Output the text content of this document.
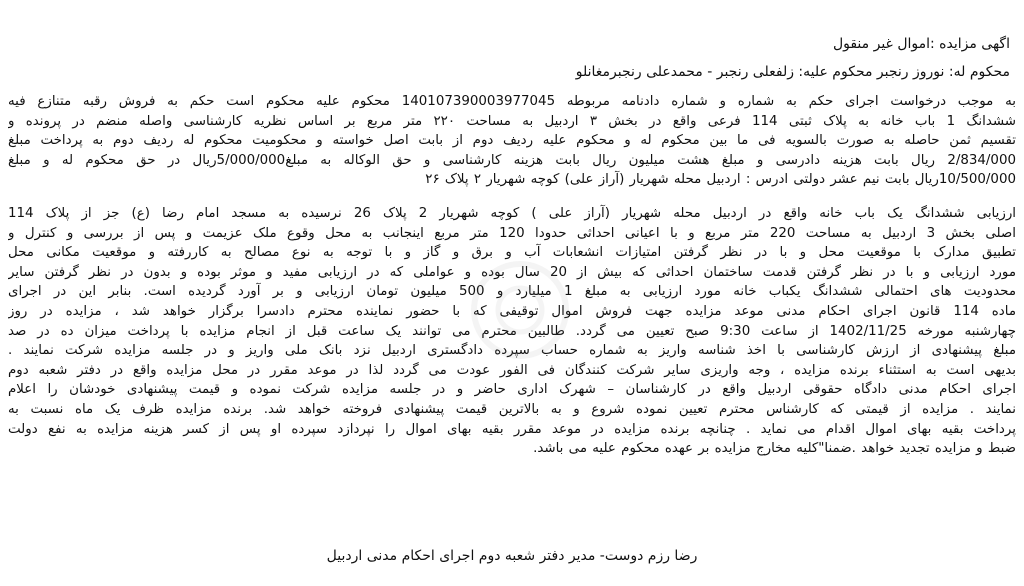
اگهی مزایده :اموال غیر منقول
محکوم له: نوروز رنجبر محکوم علیه: زلفعلی رنجبر - محمدعلی رنجبرمغانلو
به موجب درخواست اجرای حکم به شماره و شماره دادنامه مربوطه 140107390003977045 محکوم علیه محکوم است حکم به فروش رقبه متنازع فیه
ششدانگ 1 باب خانه به پلاک ثبتی 114 فرعی واقع در بخش ۳ اردبیل به مساحت ۲۲۰ متر مربع بر اساس نظریه کارشناسی واصله منضم در پرونده و
تقسیم ثمن حاصله به صورت بالسویه فی ما بین محکوم له و محکوم علیه ردیف دوم از بابت اصل خواسته و محکومیت محکوم له ردیف دوم به پرداخت مبلغ
2/834/000 ریال بابت هزینه دادرسی و مبلغ هشت میلیون ریال بابت هزینه کارشناسی و حق الوکاله به مبلغ5/000/000ریال در حق محکوم له و مبلغ
10/500/000ریال بابت نیم عشر دولتی ادرس : اردبیل محله شهریار (آراز علی) کوچه شهریار ۲ پلاک ۲۶
ارزیابی ششدانگ یک باب خانه واقع در اردبیل محله شهریار (آراز علی ) کوچه شهریار 2 پلاک 26 نرسیده به مسجد امام رضا (ع) جز از پلاک 114
اصلی بخش 3 اردبیل به مساحت 220 متر مربع و با اعیانی احداثی حدودا 120 متر مربع اینجانب به محل وقوع ملک عزیمت و پس از بررسی و کنترل و
تطبیق مدارک با موقعیت محل و با در نظر گرفتن امتیازات انشعابات آب و برق و گاز و با توجه به نوع مصالح به کاررفته و موقعیت مکانی محل
مورد ارزیابی و با در نظر گرفتن قدمت ساختمان احداثی که بیش از 20 سال بوده و عواملی که در ارزیابی مفید و موثر بوده و بدون در نظر گرفتن سایر
محدودیت های احتمالی ششدانگ یکباب خانه مورد ارزیابی به مبلغ 1 میلیارد و 500 میلیون تومان ارزیابی و بر آورد گردیده است. بنابر این در اجرای
ماده 114 قانون اجرای احکام مدنی موعد مزایده جهت فروش اموال توقیفی که با حضور نماینده محترم دادسرا برگزار خواهد شد ، مزایده در روز
چهارشنبه مورخه 1402/11/25 از ساعت 9:30 صبح تعیین می گردد. طالبین محترم می توانند یک ساعت قبل از انجام مزایده با پرداخت میزان ده در صد
مبلغ پیشنهادی از ارزش کارشناسی با اخذ شناسه واریز به شماره حساب سپرده دادگستری اردبیل نزد بانک ملی واریز و در جلسه مزایده شرکت نمایند .
بدیهی است به استثناء برنده مزایده ، وجه واریزی سایر شرکت کنندگان فی الفور عودت می گردد لذا در موعد مقرر در محل مزایده واقع در دفتر شعبه دوم
اجرای احکام مدنی دادگاه حقوقی اردبیل واقع در کارشناسان – شهرک اداری حاضر و در جلسه مزایده شرکت نموده و قیمت پیشنهادی خودشان را اعلام
نمایند . مزایده از قیمتی که کارشناس محترم تعیین نموده شروع و به بالاترین قیمت پیشنهادی فروخته خواهد شد. برنده مزایده ظرف یک ماه نسبت به
پرداخت بقیه بهای اموال اقدام می نماید . چنانچه برنده مزایده در موعد مقرر بقیه بهای اموال را نپردازد سپرده او پس از کسر هزینه مزایده به نفع دولت
ضبط و مزایده تجدید خواهد .ضمنا"کلیه مخارج مزایده بر عهده محکوم علیه می باشد.
رضا رزم دوست- مدیر دفتر شعبه دوم اجرای احکام مدنی اردبیل
